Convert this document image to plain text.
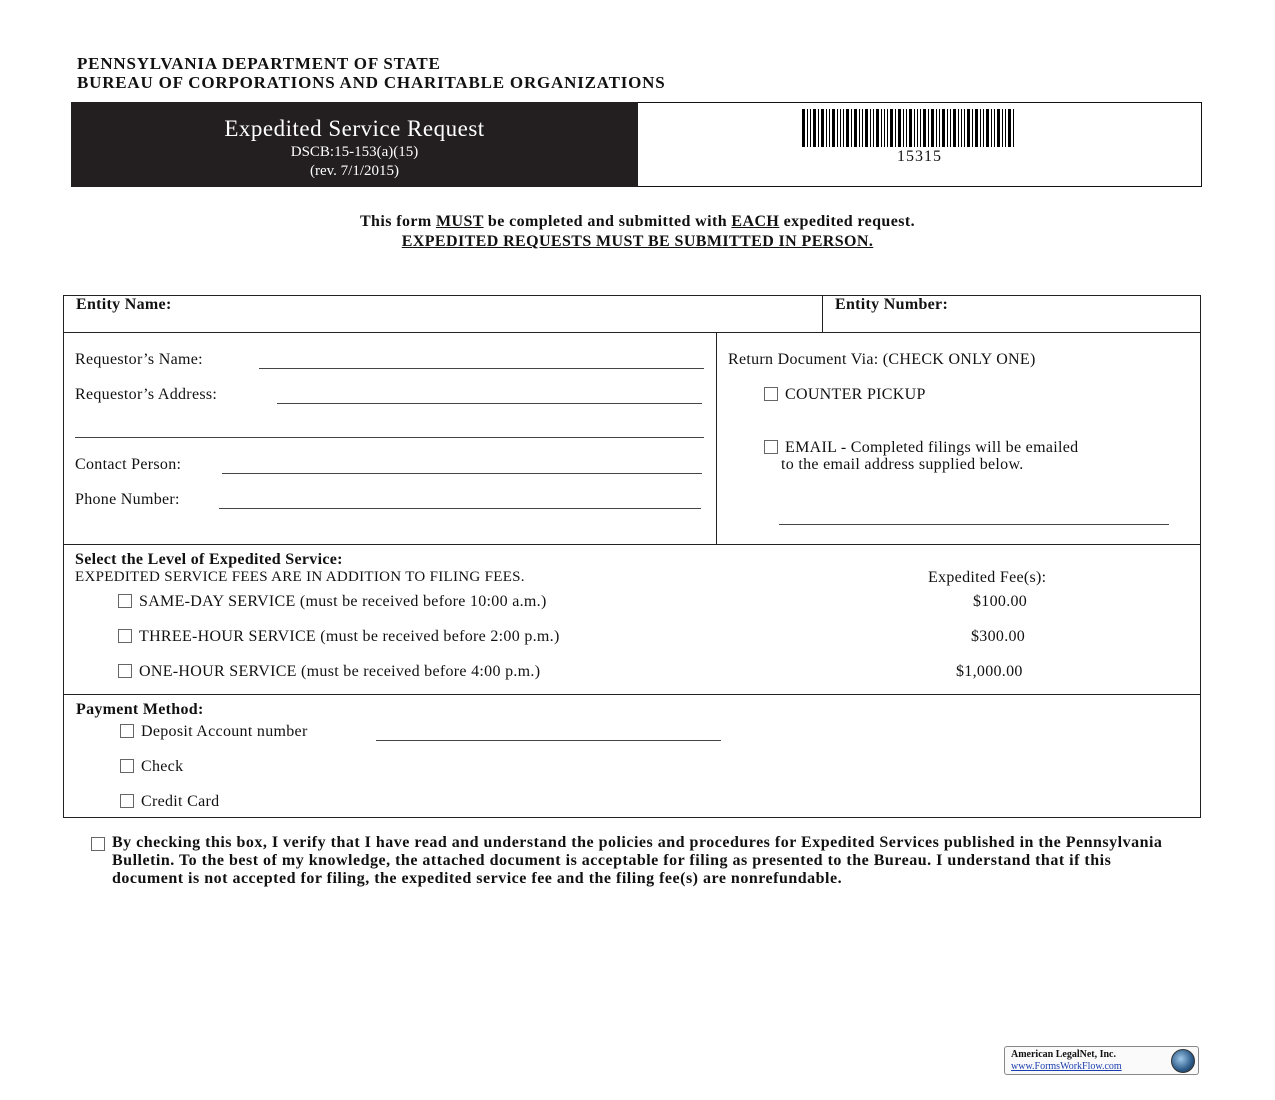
PENNSYLVANIA DEPARTMENT OF STATE
BUREAU OF CORPORATIONS AND CHARITABLE ORGANIZATIONS
Expedited Service Request
DSCB:15-153(a)(15)
(rev. 7/1/2015)
15315
This form MUST be completed and submitted with EACH expedited request.
EXPEDITED REQUESTS MUST BE SUBMITTED IN PERSON.
Entity Name:	Entity Number:
Requestor’s Name:
Requestor’s Address:
Contact Person:
Phone Number:
Return Document Via: (CHECK ONLY ONE)
COUNTER PICKUP
EMAIL - Completed filings will be emailed
to the email address supplied below.
Select the Level of Expedited Service:
EXPEDITED SERVICE FEES ARE IN ADDITION TO FILING FEES.	Expedited Fee(s):
SAME-DAY SERVICE (must be received before 10:00 a.m.)	$100.00
THREE-HOUR SERVICE (must be received before 2:00 p.m.)	$300.00
ONE-HOUR SERVICE (must be received before 4:00 p.m.)	$1,000.00
Payment Method:
Deposit Account number
Check
Credit Card
By checking this box, I verify that I have read and understand the policies and procedures for Expedited Services published in the Pennsylvania Bulletin. To the best of my knowledge, the attached document is acceptable for filing as presented to the Bureau. I understand that if this document is not accepted for filing, the expedited service fee and the filing fee(s) are nonrefundable.
American LegalNet, Inc.
www.FormsWorkFlow.com
